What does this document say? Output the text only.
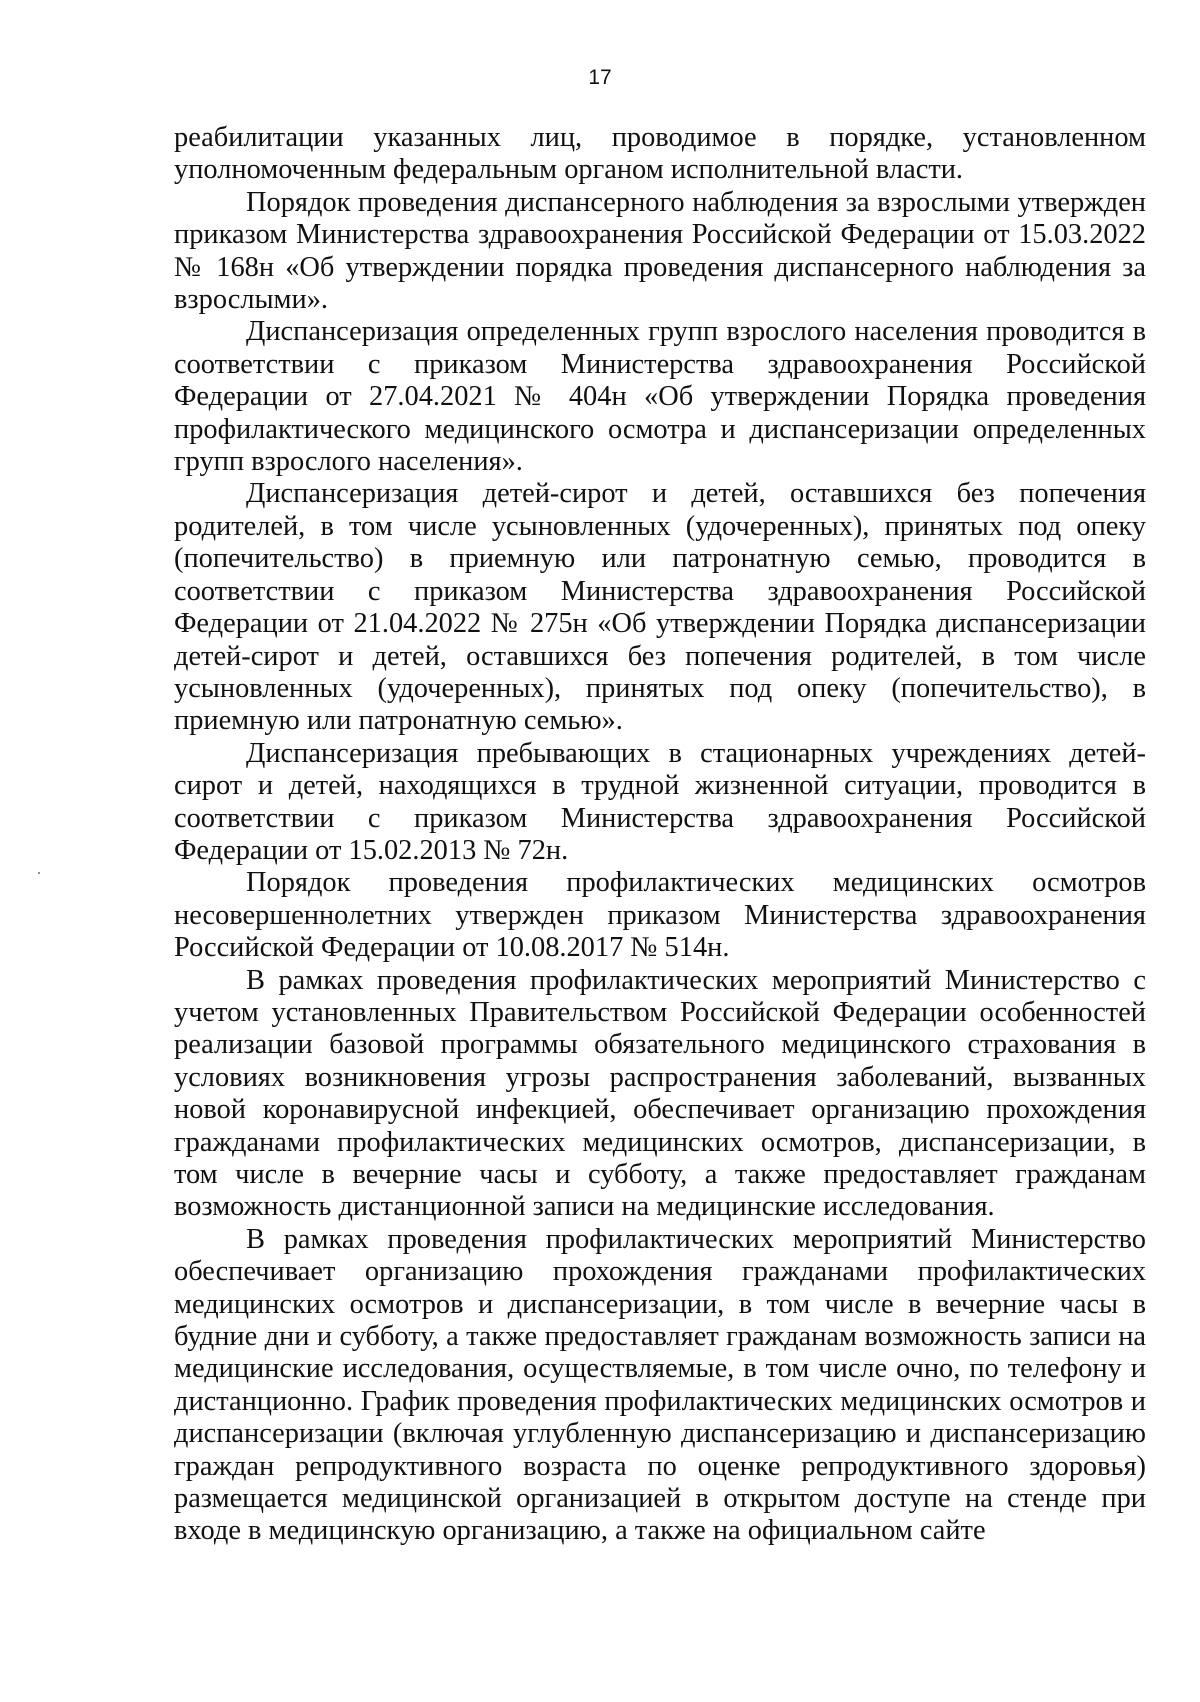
17

реабилитации указанных лиц, проводимое в порядке, установленном уполномоченным федеральным органом исполнительной власти.

Порядок проведения диспансерного наблюдения за взрослыми утвержден приказом Министерства здравоохранения Российской Федерации от 15.03.2022 № 168н «Об утверждении порядка проведения диспансерного наблюдения за взрослыми».

Диспансеризация определенных групп взрослого населения проводится в соответствии с приказом Министерства здравоохранения Российской Федерации от 27.04.2021 № 404н «Об утверждении Порядка проведения профилактического медицинского осмотра и диспансеризации определенных групп взрослого населения».

Диспансеризация детей-сирот и детей, оставшихся без попечения родителей, в том числе усыновленных (удочеренных), принятых под опеку (попечительство) в приемную или патронатную семью, проводится в соответствии с приказом Министерства здравоохранения Российской Федерации от 21.04.2022 № 275н «Об утверждении Порядка диспансеризации детей-сирот и детей, оставшихся без попечения родителей, в том числе усыновленных (удочеренных), принятых под опеку (попечительство), в приемную или патронатную семью».

Диспансеризация пребывающих в стационарных учреждениях детей-сирот и детей, находящихся в трудной жизненной ситуации, проводится в соответствии с приказом Министерства здравоохранения Российской Федерации от 15.02.2013 № 72н.

Порядок проведения профилактических медицинских осмотров несовершеннолетних утвержден приказом Министерства здравоохранения Российской Федерации от 10.08.2017 № 514н.

В рамках проведения профилактических мероприятий Министерство с учетом установленных Правительством Российской Федерации особенностей реализации базовой программы обязательного медицинского страхования в условиях возникновения угрозы распространения заболеваний, вызванных новой коронавирусной инфекцией, обеспечивает организацию прохождения гражданами профилактических медицинских осмотров, диспансеризации, в том числе в вечерние часы и субботу, а также предоставляет гражданам возможность дистанционной записи на медицинские исследования.

В рамках проведения профилактических мероприятий Министерство обеспечивает организацию прохождения гражданами профилактических медицинских осмотров и диспансеризации, в том числе в вечерние часы в будние дни и субботу, а также предоставляет гражданам возможность записи на медицинские исследования, осуществляемые, в том числе очно, по телефону и дистанционно. График проведения профилактических медицинских осмотров и диспансеризации (включая углубленную диспансеризацию и диспансеризацию граждан репродуктивного возраста по оценке репродуктивного здоровья) размещается медицинской организацией в открытом доступе на стенде при входе в медицинскую организацию, а также на официальном сайте
